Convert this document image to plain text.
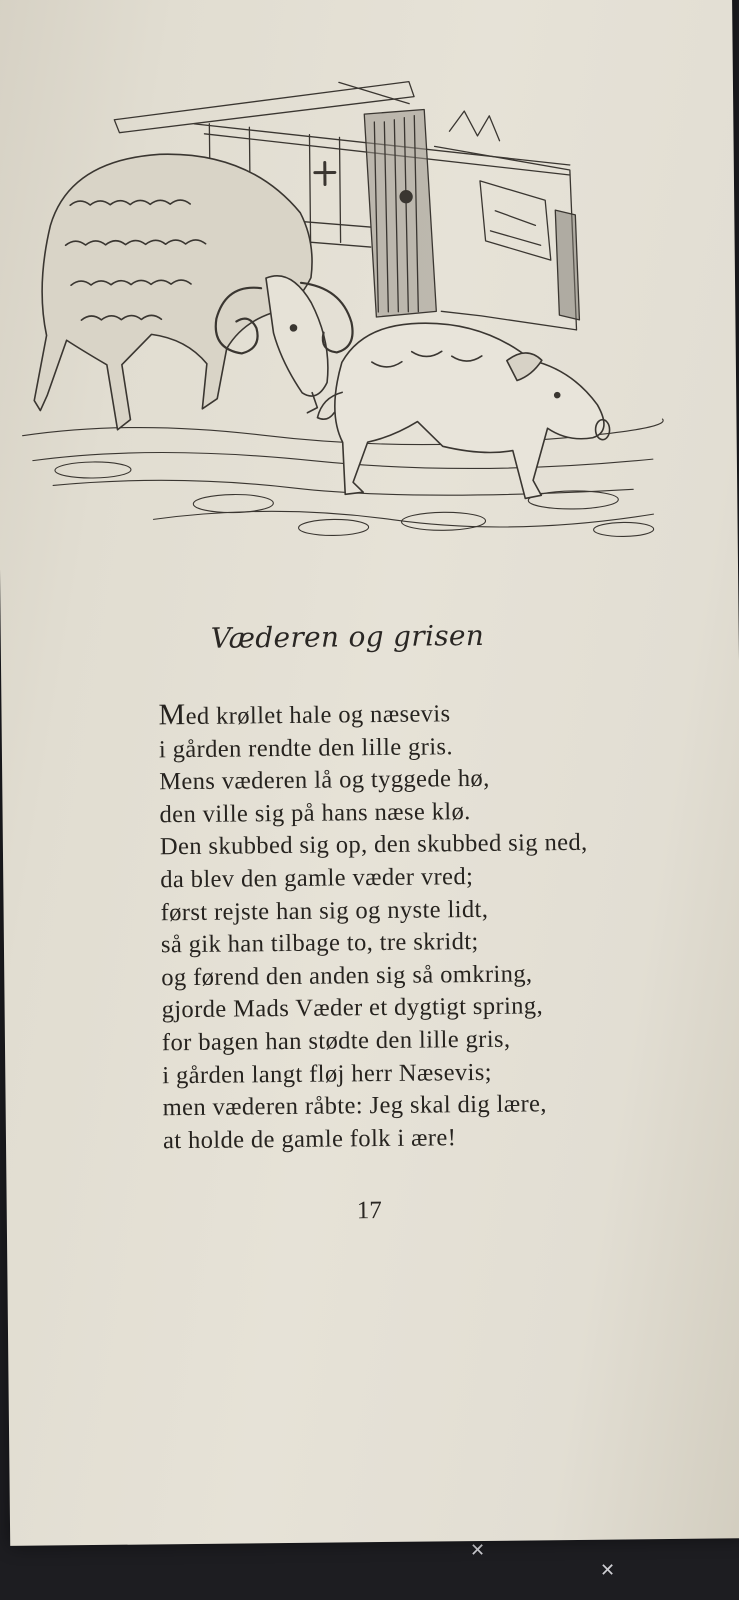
✕
✕
Væderen og grisen
Med krøllet hale og næsevis
i gården rendte den lille gris.
Mens væderen lå og tyggede hø,
den ville sig på hans næse klø.
Den skubbed sig op, den skubbed sig ned,
da blev den gamle væder vred;
først rejste han sig og nyste lidt,
så gik han tilbage to, tre skridt;
og førend den anden sig så omkring,
gjorde Mads Væder et dygtigt spring,
for bagen han stødte den lille gris,
i gården langt fløj herr Næsevis;
men væderen råbte: Jeg skal dig lære,
at holde de gamle folk i ære!
17
